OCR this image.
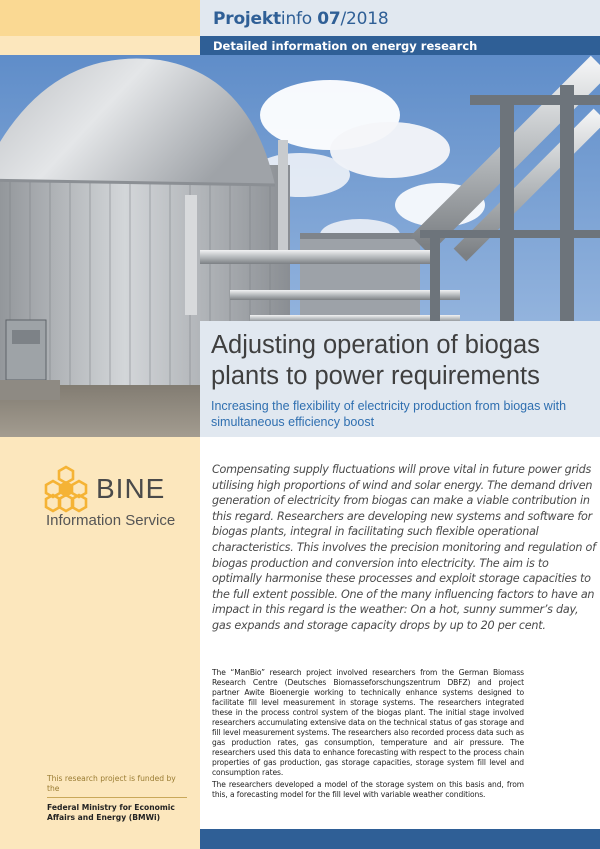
Projektinfo 07/2018
Detailed information on energy research
Adjusting operation of biogas plants to power requirements
Increasing the flexibility of electricity production from biogas with simultaneous efficiency boost
BINE
Information Service
This research project is funded by the
Federal Ministry for Economic Affairs and Energy (BMWi)
Compensating supply fluctuations will prove vital in future power grids utilising high proportions of wind and solar energy. The demand driven generation of electricity from biogas can make a viable contribution in this regard. Researchers are developing new systems and software for biogas plants, integral in facilitating such flexible operational characteristics. This involves the precision monitoring and regulation of biogas production and conversion into electricity. The aim is to optimally harmonise these processes and exploit storage capacities to the full extent possible. One of the many influencing factors to have an impact in this regard is the weather: On a hot, sunny summer’s day, gas expands and storage capacity drops by up to 20 per cent.

The “ManBio” research project involved researchers from the German Biomass Research Centre (Deutsches Biomasseforschungszentrum DBFZ) and project partner Awite Bioenergie working to technically enhance systems designed to facilitate fill level measurement in storage systems. The researchers integrated these in the process control system of the biogas plant. The initial stage involved researchers accumulating extensive data on the technical status of gas storage and fill level measurement systems. The researchers also recorded process data such as gas production rates, gas consumption, temperature and air pressure. The researchers used this data to enhance forecasting with respect to the process chain properties of gas production, gas storage capacities, storage system fill level and consumption rates.

The researchers developed a model of the storage system on this basis and, from this, a forecasting model for the fill level with variable weather conditions.
